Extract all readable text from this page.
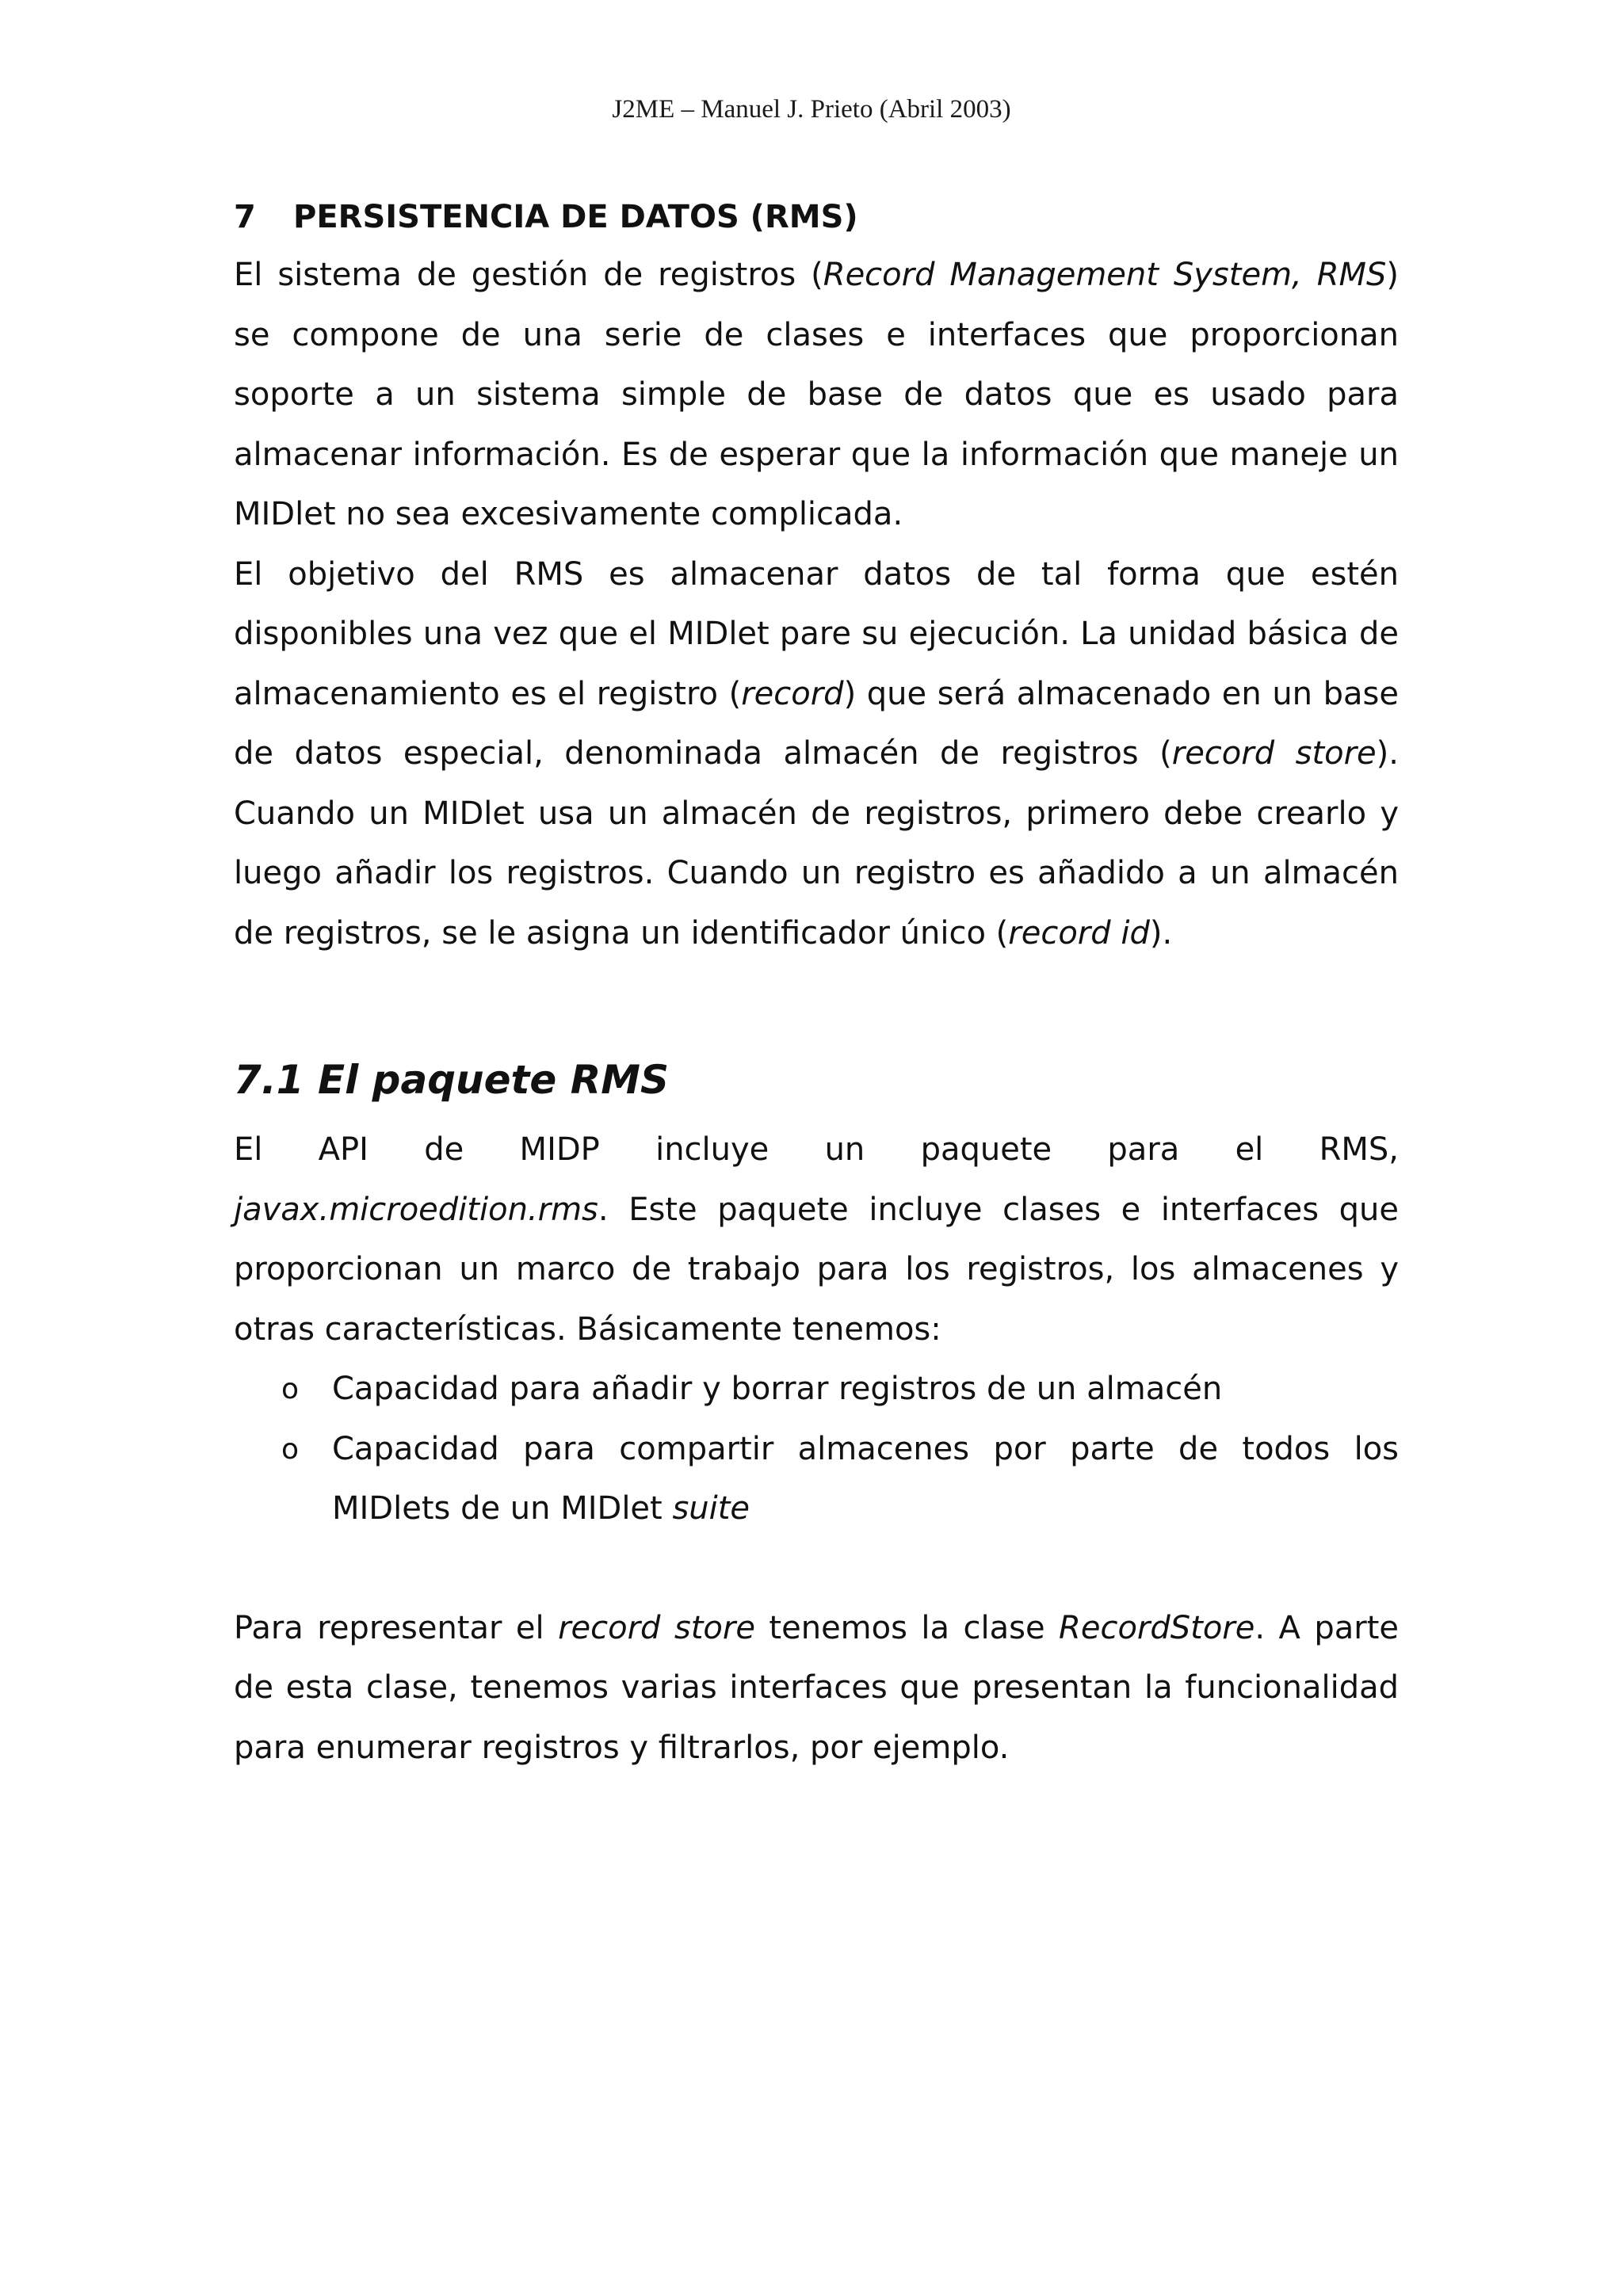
J2ME – Manuel J. Prieto (Abril 2003)
7 PERSISTENCIA DE DATOS (RMS)

El sistema de gestión de registros (Record Management System, RMS) se compone de una serie de clases e interfaces que proporcionan soporte a un sistema simple de base de datos que es usado para almacenar información. Es de esperar que la información que maneje un MIDlet no sea excesivamente complicada.

El objetivo del RMS es almacenar datos de tal forma que estén disponibles una vez que el MIDlet pare su ejecución. La unidad básica de almacenamiento es el registro (record) que será almacenado en un base de datos especial, denominada almacén de registros (record store). Cuando un MIDlet usa un almacén de registros, primero debe crearlo y luego añadir los registros. Cuando un registro es añadido a un almacén de registros, se le asigna un identificador único (record id).

7.1 El paquete RMS

El API de MIDP incluye un paquete para el RMS,
javax.microedition.rms. Este paquete incluye clases e interfaces que proporcionan un marco de trabajo para los registros, los almacenes y otras características. Básicamente tenemos:

o Capacidad para añadir y borrar registros de un almacén
o Capacidad para compartir almacenes por parte de todos los MIDlets de un MIDlet suite

Para representar el record store tenemos la clase RecordStore. A parte de esta clase, tenemos varias interfaces que presentan la funcionalidad para enumerar registros y filtrarlos, por ejemplo.
